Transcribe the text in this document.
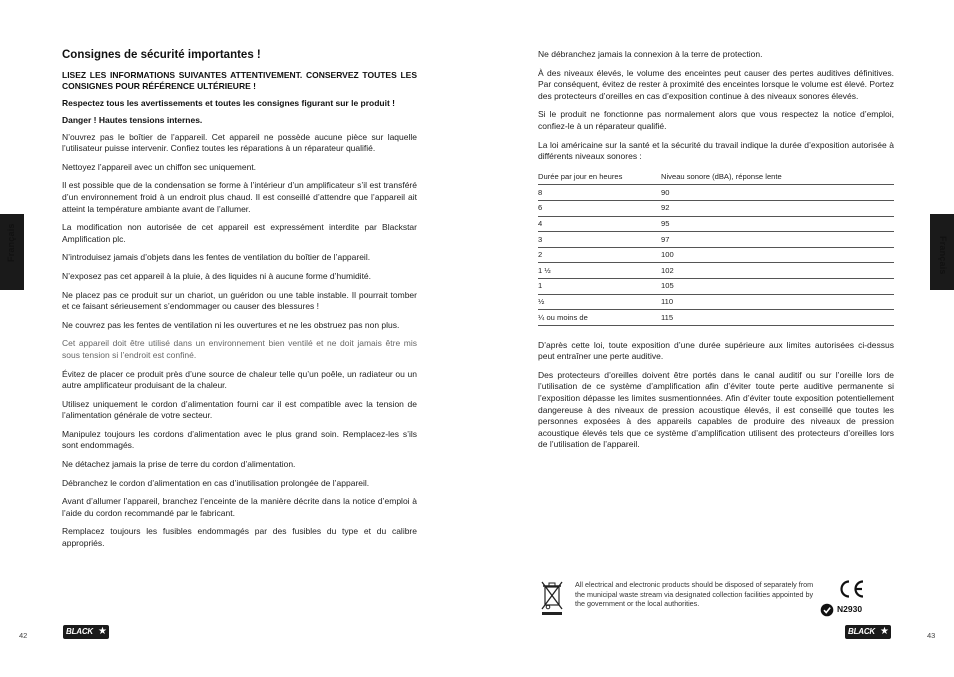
Français	Français
Consignes de sécurité importantes !
LISEZ LES INFORMATIONS SUIVANTES ATTENTIVEMENT. CONSERVEZ TOUTES LES CONSIGNES POUR RÉFÉRENCE ULTÉRIEURE !
Respectez tous les avertissements et toutes les consignes figurant sur le produit !
Danger ! Hautes tensions internes.

N’ouvrez pas le boîtier de l’appareil. Cet appareil ne possède aucune pièce sur laquelle l’utilisateur puisse intervenir. Confiez toutes les réparations à un réparateur qualifié.

Nettoyez l’appareil avec un chiffon sec uniquement.

Il est possible que de la condensation se forme à l’intérieur d’un amplificateur s’il est transféré d’un environnement froid à un endroit plus chaud. Il est conseillé d’attendre que l’appareil ait atteint la température ambiante avant de l’allumer.

La modification non autorisée de cet appareil est expressément interdite par Blackstar Amplification plc.

N’introduisez jamais d’objets dans les fentes de ventilation du boîtier de l’appareil.

N’exposez pas cet appareil à la pluie, à des liquides ni à aucune forme d’humidité.

Ne placez pas ce produit sur un chariot, un guéridon ou une table instable. Il pourrait tomber et ce faisant sérieusement s’endommager ou causer des blessures !

Ne couvrez pas les fentes de ventilation ni les ouvertures et ne les obstruez pas non plus.

Cet appareil doit être utilisé dans un environnement bien ventilé et ne doit jamais être mis sous tension si l’endroit est confiné.

Évitez de placer ce produit près d’une source de chaleur telle qu’un poêle, un radiateur ou un autre amplificateur produisant de la chaleur.

Utilisez uniquement le cordon d’alimentation fourni car il est compatible avec la tension de l’alimentation générale de votre secteur.

Manipulez toujours les cordons d’alimentation avec le plus grand soin. Remplacez-les s’ils sont endommagés.

Ne détachez jamais la prise de terre du cordon d’alimentation.

Débranchez le cordon d’alimentation en cas d’inutilisation prolongée de l’appareil.

Avant d’allumer l’appareil, branchez l’enceinte de la manière décrite dans la notice d’emploi à l’aide du cordon recommandé par le fabricant.

Remplacez toujours les fusibles endommagés par des fusibles du type et du calibre appropriés.

Ne débranchez jamais la connexion à la terre de protection.

À des niveaux élevés, le volume des enceintes peut causer des pertes auditives définitives. Par conséquent, évitez de rester à proximité des enceintes lorsque le volume est élevé. Portez des protecteurs d’oreilles en cas d’exposition continue à des niveaux sonores élevés.

Si le produit ne fonctionne pas normalement alors que vous respectez la notice d’emploi, confiez-le à un réparateur qualifié.

La loi américaine sur la santé et la sécurité du travail indique la durée d’exposition autorisée à différents niveaux sonores :

Durée par jour en heures	Niveau sonore (dBA), réponse lente
8	90
6	92
4	95
3	97
2	100
1 ½	102
1	105
½	110
¼ ou moins de	115

D’après cette loi, toute exposition d’une durée supérieure aux limites autorisées ci-dessus peut entraîner une perte auditive.

Des protecteurs d’oreilles doivent être portés dans le canal auditif ou sur l’oreille lors de l’utilisation de ce système d’amplification afin d’éviter toute perte auditive permanente si l’exposition dépasse les limites susmentionnées. Afin d’éviter toute exposition potentiellement dangereuse à des niveaux de pression acoustique élevés, il est conseillé que toutes les personnes exposées à des appareils capables de produire des niveaux de pression acoustique élevés tels que ce système d’amplification utilisent des protecteurs d’oreilles lors de l’utilisation de l’appareil.

All electrical and electronic products should be disposed of separately from the municipal waste stream via designated collection facilities appointed by the government or the local authorities.
N2930
42	43
BLACK ★	BLACK ★
